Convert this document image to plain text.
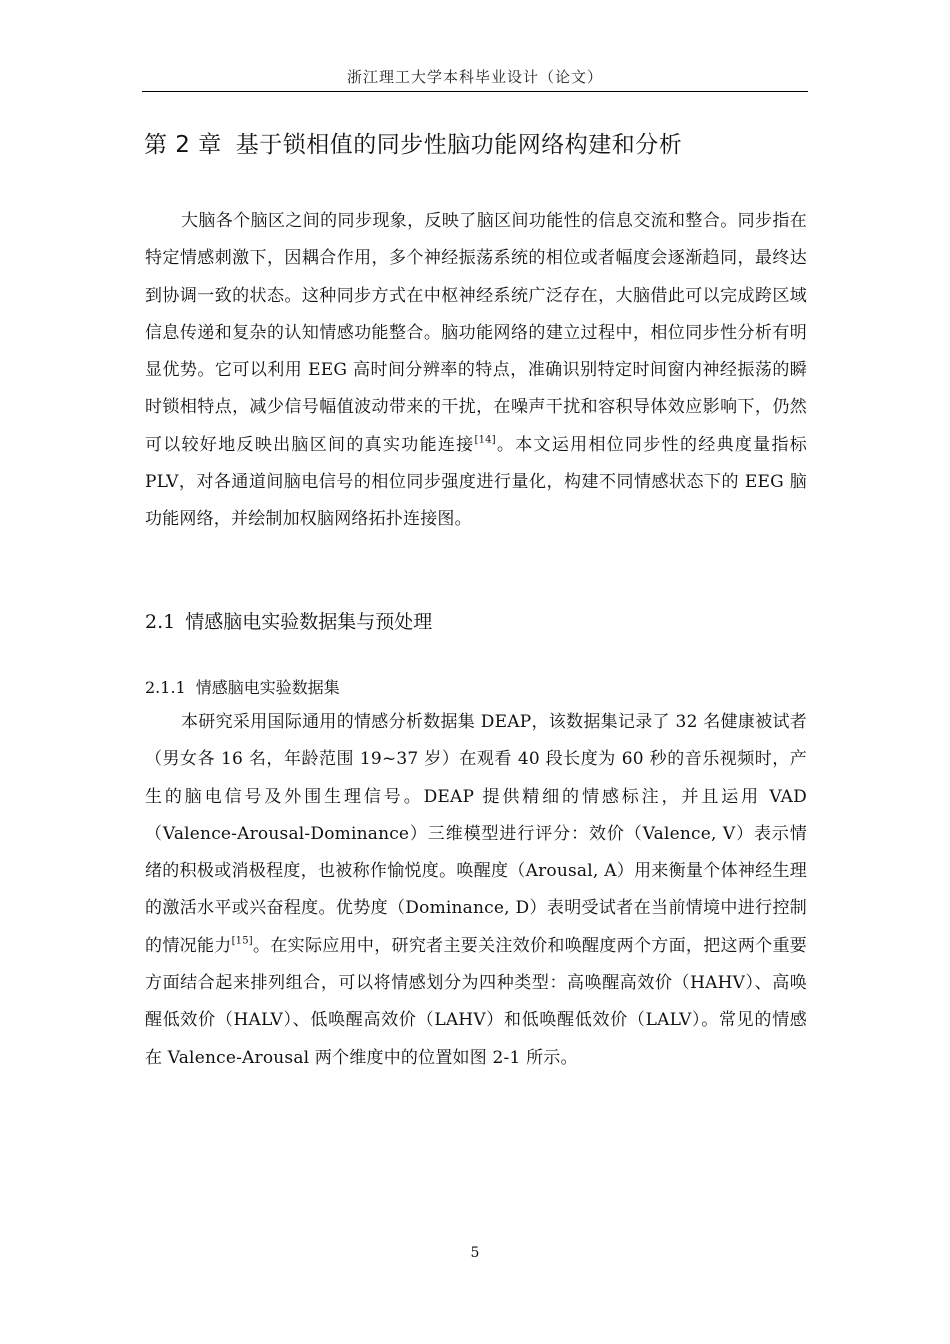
浙江理工大学本科毕业设计（论文）
第 2 章 基于锁相值的同步性脑功能网络构建和分析

大脑各个脑区之间的同步现象，反映了脑区间功能性的信息交流和整合。同步指在特定情感刺激下，因耦合作用，多个神经振荡系统的相位或者幅度会逐渐趋同，最终达到协调一致的状态。这种同步方式在中枢神经系统广泛存在，大脑借此可以完成跨区域信息传递和复杂的认知情感功能整合。脑功能网络的建立过程中，相位同步性分析有明显优势。它可以利用 EEG 高时间分辨率的特点，准确识别特定时间窗内神经振荡的瞬时锁相特点，减少信号幅值波动带来的干扰，在噪声干扰和容积导体效应影响下，仍然可以较好地反映出脑区间的真实功能连接[14]。本文运用相位同步性的经典度量指标 PLV，对各通道间脑电信号的相位同步强度进行量化，构建不同情感状态下的 EEG 脑功能网络，并绘制加权脑网络拓扑连接图。

2.1 情感脑电实验数据集与预处理
2.1.1 情感脑电实验数据集

本研究采用国际通用的情感分析数据集 DEAP，该数据集记录了 32 名健康被试者（男女各 16 名，年龄范围 19~37 岁）在观看 40 段长度为 60 秒的音乐视频时，产生的脑电信号及外围生理信号。DEAP 提供精细的情感标注，并且运用 VAD（Valence-Arousal-Dominance）三维模型进行评分：效价（Valence, V）表示情绪的积极或消极程度，也被称作愉悦度。唤醒度（Arousal, A）用来衡量个体神经生理的激活水平或兴奋程度。优势度（Dominance, D）表明受试者在当前情境中进行控制的情况能力[15]。在实际应用中，研究者主要关注效价和唤醒度两个方面，把这两个重要方面结合起来排列组合，可以将情感划分为四种类型：高唤醒高效价（HAHV）、高唤醒低效价（HALV）、低唤醒高效价（LAHV）和低唤醒低效价（LALV）。常见的情感在 Valence-Arousal 两个维度中的位置如图 2-1 所示。

5
